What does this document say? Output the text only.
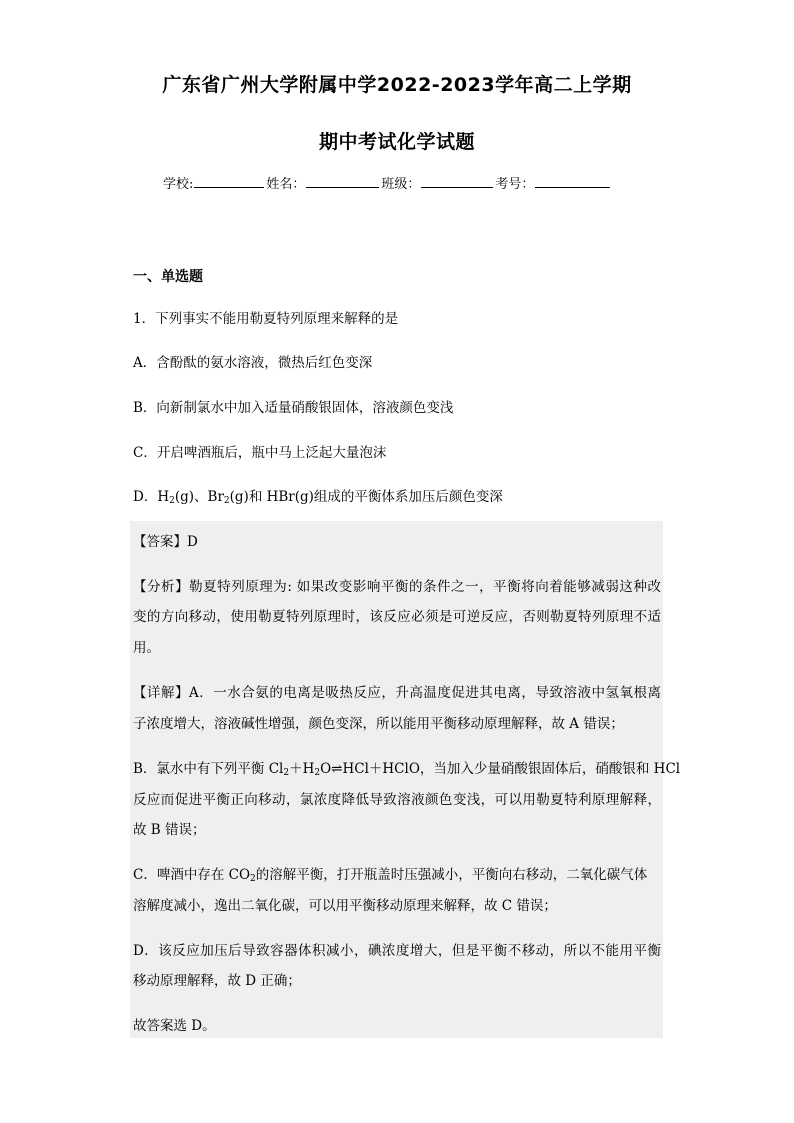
广东省广州大学附属中学2022-2023学年高二上学期
期中考试化学试题
学校:	姓名：	班级：	考号：
一、单选题
1．下列事实不能用勒夏特列原理来解释的是
A．含酚酞的氨水溶液，微热后红色变深
B．向新制氯水中加入适量硝酸银固体，溶液颜色变浅
C．开启啤酒瓶后，瓶中马上泛起大量泡沫
D．$H_2(g)$、$Br_2(g)$和 HBr(g)组成的平衡体系加压后颜色变深
【答案】D
【分析】勒夏特列原理为: 如果改变影响平衡的条件之一，平衡将向着能够减弱这种改
变的方向移动，使用勒夏特列原理时，该反应必须是可逆反应，否则勒夏特列原理不适
用。
【详解】A．一水合氨的电离是吸热反应，升高温度促进其电离，导致溶液中氢氧根离
子浓度增大，溶液碱性增强，颜色变深，所以能用平衡移动原理解释，故 A 错误；
B．氯水中有下列平衡 $Cl_2+H_2O\rightleftharpoons HCl+HClO$，当加入少量硝酸银固体后，硝酸银和 HCl
反应而促进平衡正向移动，氯浓度降低导致溶液颜色变浅，可以用勒夏特利原理解释，
故 B 错误；
C．啤酒中存在 $CO_2$的溶解平衡，打开瓶盖时压强减小，平衡向右移动，二氧化碳气体
溶解度减小，逸出二氧化碳，可以用平衡移动原理来解释，故 C 错误；
D．该反应加压后导致容器体积减小，碘浓度增大，但是平衡不移动，所以不能用平衡
移动原理解释，故 D 正确；
故答案选 D。
